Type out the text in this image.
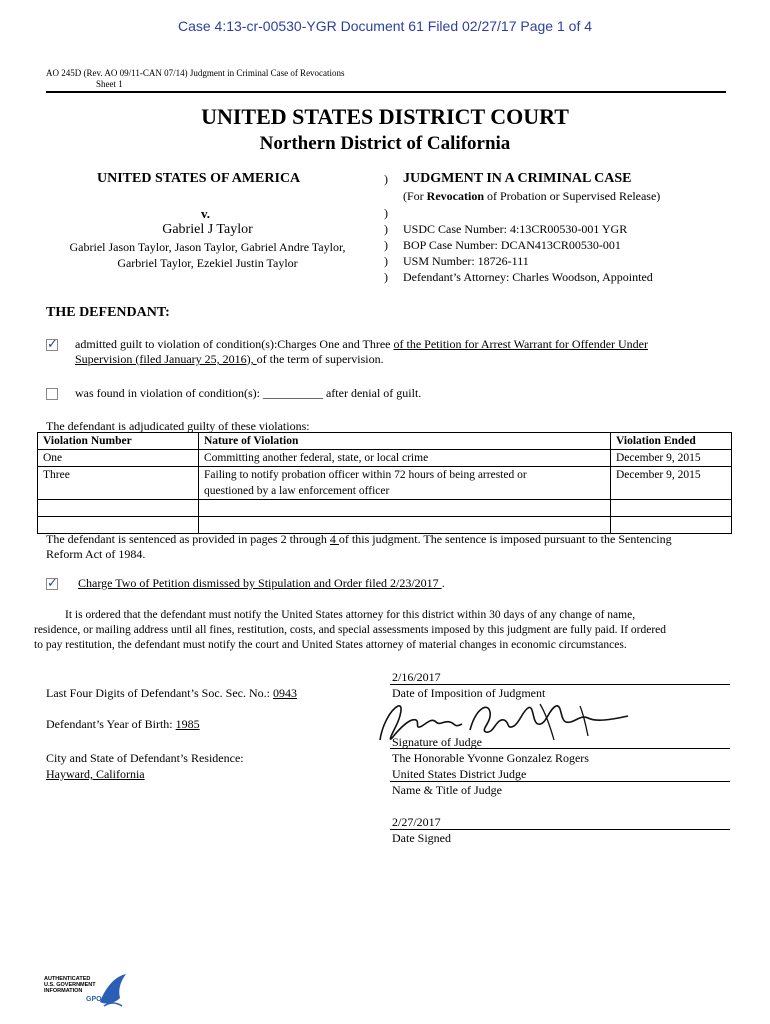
Case 4:13-cr-00530-YGR Document 61 Filed 02/27/17 Page 1 of 4
AO 245D (Rev. AO 09/11-CAN 07/14) Judgment in Criminal Case of Revocations
Sheet 1
UNITED STATES DISTRICT COURT
Northern District of California
UNITED STATES OF AMERICA
v.
Gabriel J Taylor
Gabriel Jason Taylor, Jason Taylor, Gabriel Andre Taylor,
Garbriel Taylor, Ezekiel Justin Taylor
)
)
)
)
)
)
JUDGMENT IN A CRIMINAL CASE
(For Revocation of Probation or Supervised Release)
USDC Case Number: 4:13CR00530-001 YGR
BOP Case Number: DCAN413CR00530-001
USM Number: 18726-111
Defendant’s Attorney: Charles Woodson, Appointed
THE DEFENDANT:
✓ admitted guilt to violation of condition(s):Charges One and Three of the Petition for Arrest Warrant for Offender Under
Supervision (filed January 25, 2016), of the term of supervision.
was found in violation of condition(s): __________ after denial of guilt.
The defendant is adjudicated guilty of these violations:
Violation Number	Nature of Violation	Violation Ended
One	Committing another federal, state, or local crime	December 9, 2015
Three	Failing to notify probation officer within 72 hours of being arrested or	December 9, 2015
	questioned by a law enforcement officer	

The defendant is sentenced as provided in pages 2 through 4 of this judgment. The sentence is imposed pursuant to the Sentencing
Reform Act of 1984.
✓ Charge Two of Petition dismissed by Stipulation and Order filed 2/23/2017 .
It is ordered that the defendant must notify the United States attorney for this district within 30 days of any change of name,
residence, or mailing address until all fines, restitution, costs, and special assessments imposed by this judgment are fully paid. If ordered
to pay restitution, the defendant must notify the court and United States attorney of material changes in economic circumstances.
Last Four Digits of Defendant’s Soc. Sec. No.: 0943
Defendant’s Year of Birth: 1985
City and State of Defendant’s Residence:
Hayward, California
2/16/2017
Date of Imposition of Judgment
Signature of Judge
The Honorable Yvonne Gonzalez Rogers
United States District Judge
Name & Title of Judge
2/27/2017
Date Signed
AUTHENTICATED
U.S. GOVERNMENT
INFORMATION
GPO
